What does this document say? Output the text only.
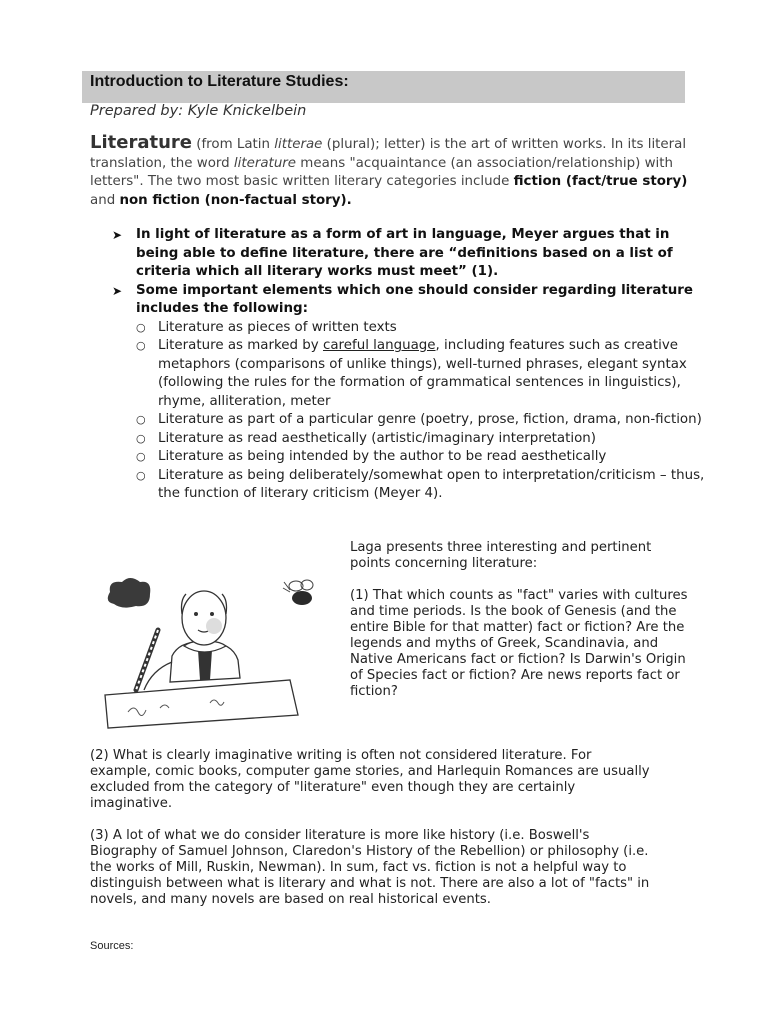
Introduction to Literature Studies:
Prepared by: Kyle Knickelbein
Literature (from Latin litterae (plural); letter) is the art of written works. In its literal translation, the word literature means "acquaintance (an association/relationship) with letters". The two most basic written literary categories include fiction (fact/true story) and non fiction (non-factual story).
➤ In light of literature as a form of art in language, Meyer argues that in being able to define literature, there are “definitions based on a list of criteria which all literary works must meet” (1).
➤ Some important elements which one should consider regarding literature includes the following:
○ Literature as pieces of written texts
○ Literature as marked by careful language, including features such as creative metaphors (comparisons of unlike things), well-turned phrases, elegant syntax (following the rules for the formation of grammatical sentences in linguistics), rhyme, alliteration, meter
○ Literature as part of a particular genre (poetry, prose, fiction, drama, non-fiction)
○ Literature as read aesthetically (artistic/imaginary interpretation)
○ Literature as being intended by the author to be read aesthetically
○ Literature as being deliberately/somewhat open to interpretation/criticism – thus, the function of literary criticism (Meyer 4).
Laga presents three interesting and pertinent points concerning literature:
(1) That which counts as "fact" varies with cultures and time periods. Is the book of Genesis (and the entire Bible for that matter) fact or fiction? Are the legends and myths of Greek, Scandinavia, and Native Americans fact or fiction? Is Darwin's Origin of Species fact or fiction? Are news reports fact or fiction?
(2) What is clearly imaginative writing is often not considered literature. For example, comic books, computer game stories, and Harlequin Romances are usually excluded from the category of "literature" even though they are certainly imaginative.
(3) A lot of what we do consider literature is more like history (i.e. Boswell's Biography of Samuel Johnson, Claredon's History of the Rebellion) or philosophy (i.e. the works of Mill, Ruskin, Newman). In sum, fact vs. fiction is not a helpful way to distinguish between what is literary and what is not. There are also a lot of "facts" in novels, and many novels are based on real historical events.
Sources:
